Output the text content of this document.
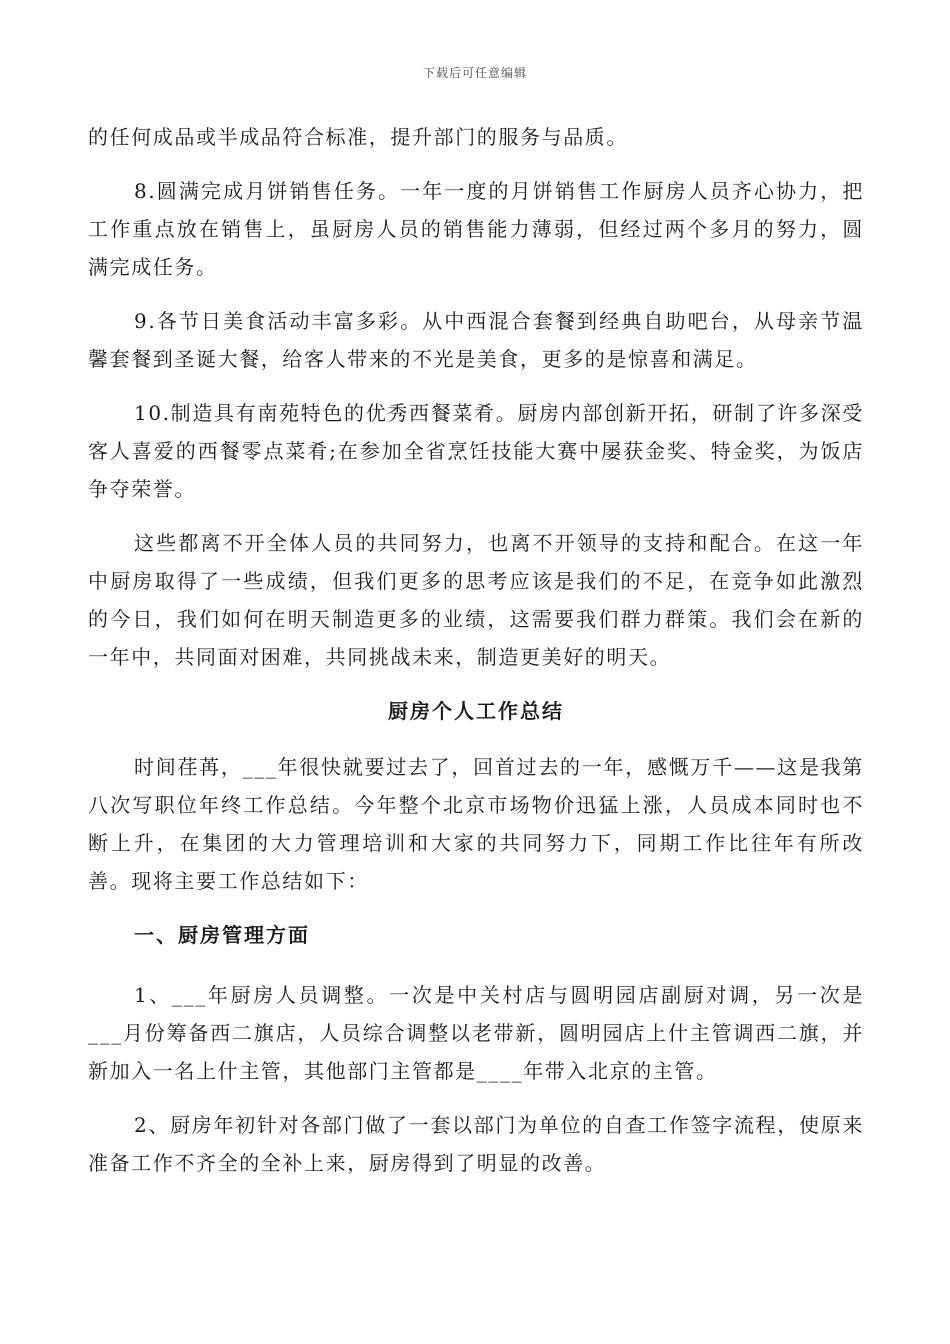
下载后可任意编辑

的任何成品或半成品符合标准，提升部门的服务与品质。

8.圆满完成月饼销售任务。一年一度的月饼销售工作厨房人员齐心协力，把工作重点放在销售上，虽厨房人员的销售能力薄弱，但经过两个多月的努力，圆满完成任务。

9.各节日美食活动丰富多彩。从中西混合套餐到经典自助吧台，从母亲节温馨套餐到圣诞大餐，给客人带来的不光是美食，更多的是惊喜和满足。

10.制造具有南苑特色的优秀西餐菜肴。厨房内部创新开拓，研制了许多深受客人喜爱的西餐零点菜肴;在参加全省烹饪技能大赛中屡获金奖、特金奖，为饭店争夺荣誉。

这些都离不开全体人员的共同努力，也离不开领导的支持和配合。在这一年中厨房取得了一些成绩，但我们更多的思考应该是我们的不足，在竞争如此激烈的今日，我们如何在明天制造更多的业绩，这需要我们群力群策。我们会在新的一年中，共同面对困难，共同挑战未来，制造更美好的明天。

厨房个人工作总结

时间荏苒，___年很快就要过去了，回首过去的一年，感慨万千——这是我第八次写职位年终工作总结。今年整个北京市场物价迅猛上涨，人员成本同时也不断上升，在集团的大力管理培训和大家的共同努力下，同期工作比往年有所改善。现将主要工作总结如下：

一、厨房管理方面

1、___年厨房人员调整。一次是中关村店与圆明园店副厨对调，另一次是___月份筹备西二旗店，人员综合调整以老带新，圆明园店上什主管调西二旗，并新加入一名上什主管，其他部门主管都是____年带入北京的主管。

2、厨房年初针对各部门做了一套以部门为单位的自查工作签字流程，使原来准备工作不齐全的全补上来，厨房得到了明显的改善。
